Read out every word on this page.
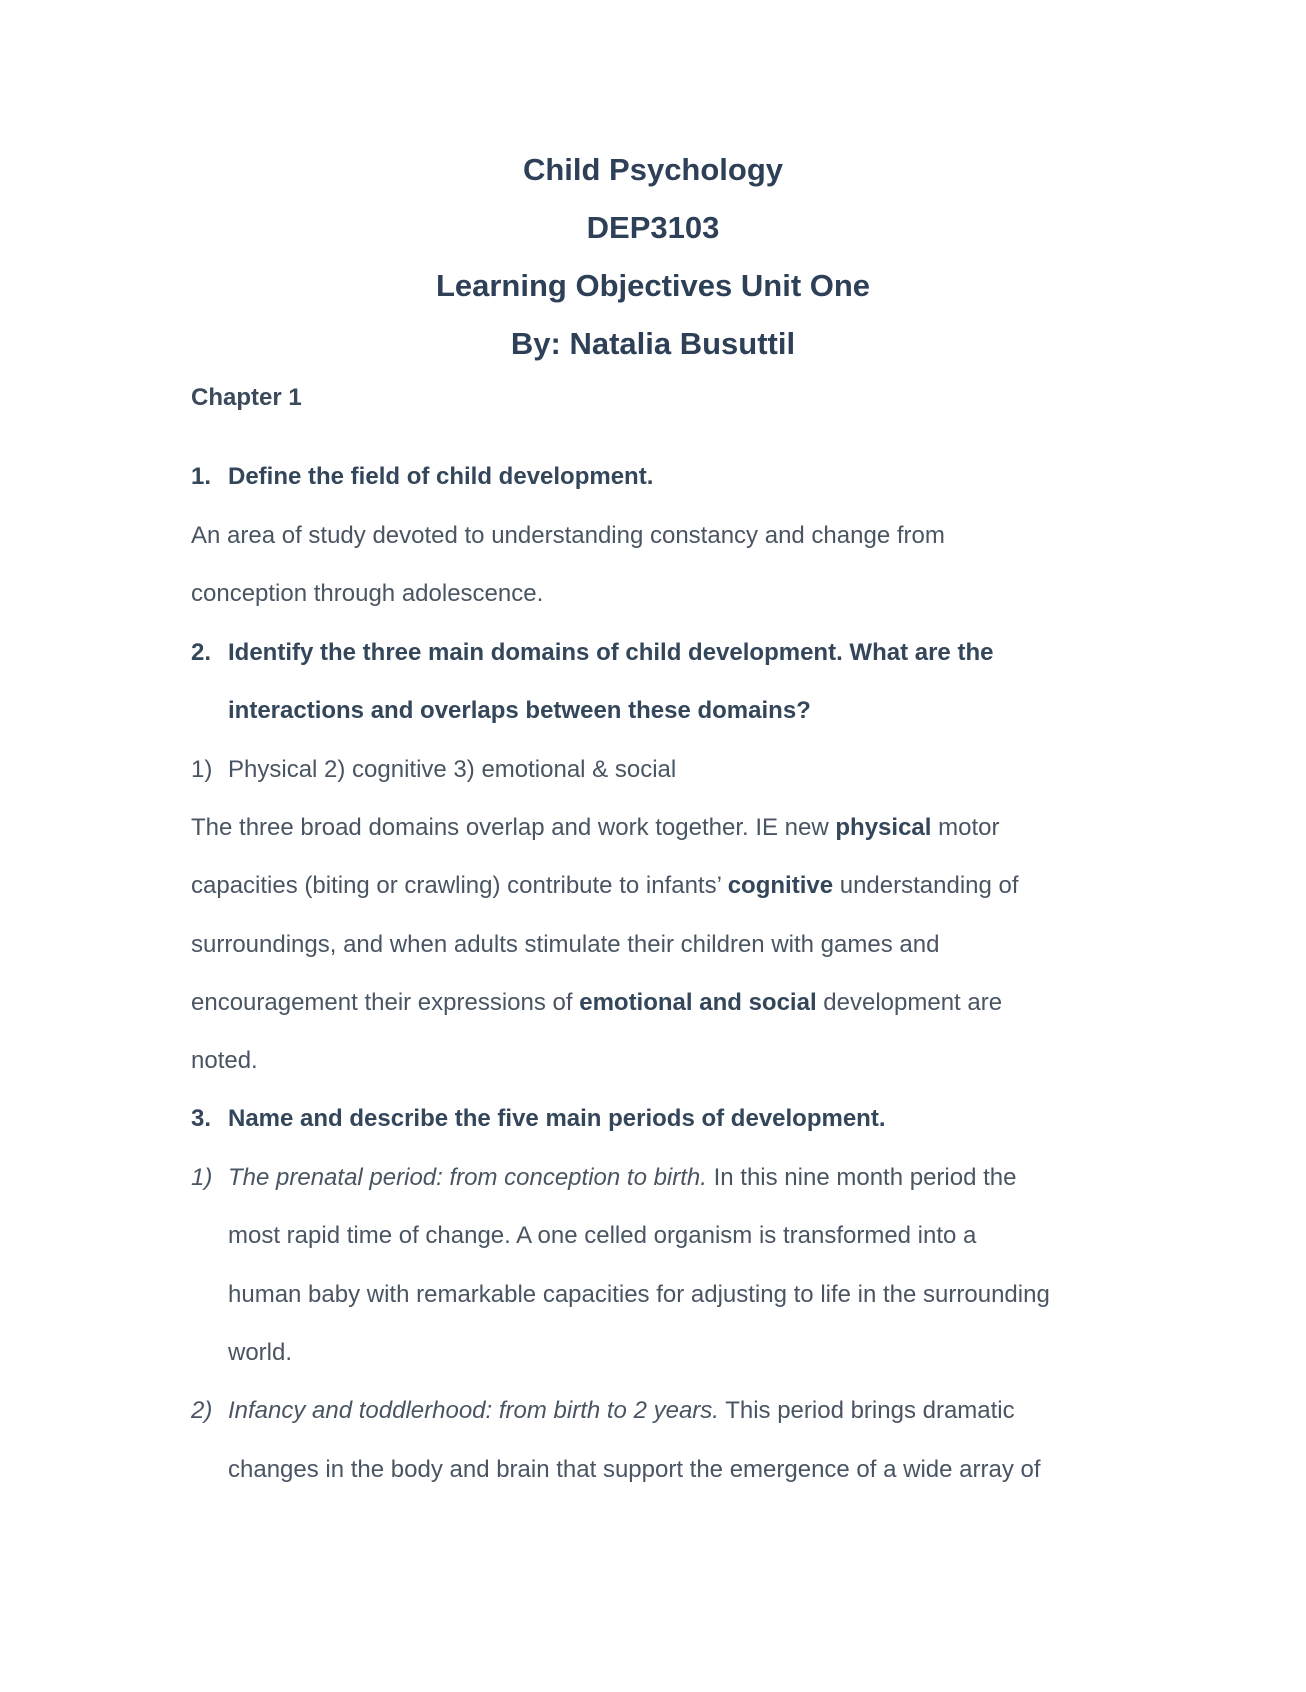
Child Psychology
DEP3103
Learning Objectives Unit One
By: Natalia Busuttil
Chapter 1
1. Define the field of child development.
An area of study devoted to understanding constancy and change from
conception through adolescence.
2. Identify the three main domains of child development. What are the
interactions and overlaps between these domains?
1) Physical 2) cognitive 3) emotional & social
The three broad domains overlap and work together. IE new physical motor
capacities (biting or crawling) contribute to infants’ cognitive understanding of
surroundings, and when adults stimulate their children with games and
encouragement their expressions of emotional and social development are
noted.
3. Name and describe the five main periods of development.
1) The prenatal period: from conception to birth. In this nine month period the
most rapid time of change. A one celled organism is transformed into a
human baby with remarkable capacities for adjusting to life in the surrounding
world.
2) Infancy and toddlerhood: from birth to 2 years. This period brings dramatic
changes in the body and brain that support the emergence of a wide array of
